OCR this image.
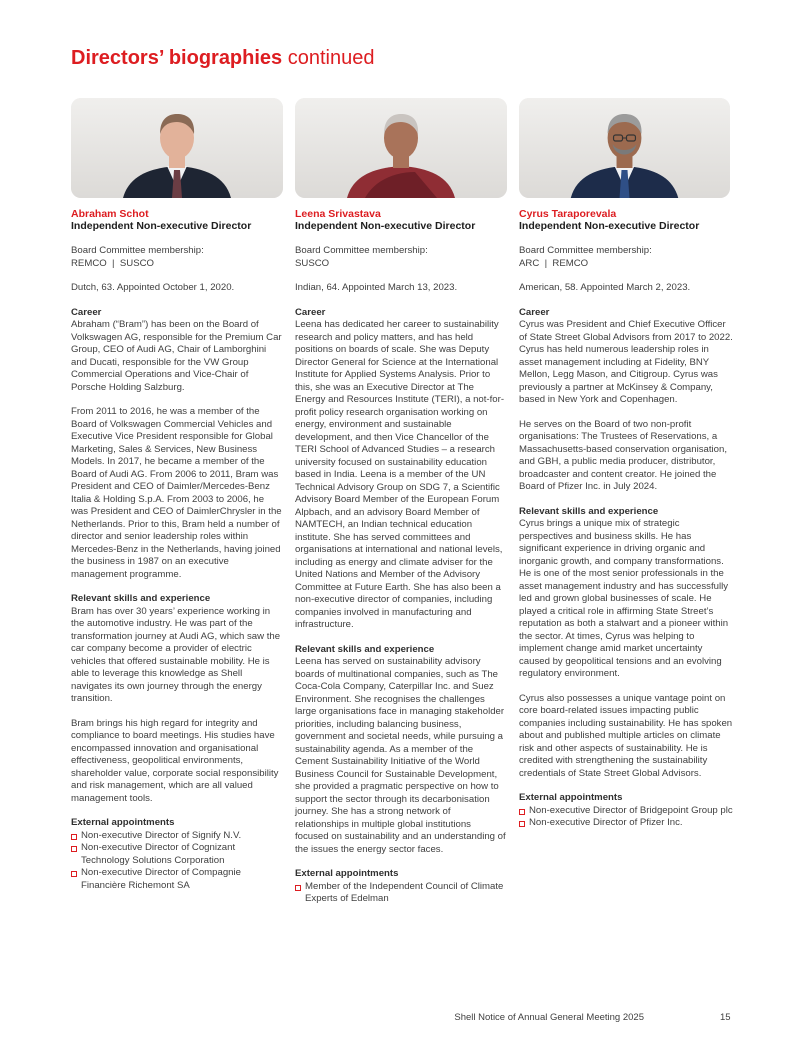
Directors’ biographies continued
Abraham Schot
Independent Non-executive Director
Board Committee membership:
REMCO  |  SUSCO
Dutch, 63. Appointed October 1, 2020.
Career

Abraham (“Bram”) has been on the Board of Volkswagen AG, responsible for the Premium Car Group, CEO of Audi AG, Chair of Lamborghini and Ducati, responsible for the VW Group Commercial Operations and Vice-Chair of Porsche Holding Salzburg.

From 2011 to 2016, he was a member of the Board of Volkswagen Commercial Vehicles and Executive Vice President responsible for Global Marketing, Sales & Services, New Business Models. In 2017, he became a member of the Board of Audi AG. From 2006 to 2011, Bram was President and CEO of Daimler/Mercedes-Benz Italia & Holding S.p.A. From 2003 to 2006, he was President and CEO of DaimlerChrysler in the Netherlands. Prior to this, Bram held a number of director and senior leadership roles within Mercedes-Benz in the Netherlands, having joined the business in 1987 on an executive management programme.

Relevant skills and experience

Bram has over 30 years’ experience working in the automotive industry. He was part of the transformation journey at Audi AG, which saw the car company become a provider of electric vehicles that offered sustainable mobility. He is able to leverage this knowledge as Shell navigates its own journey through the energy transition.

Bram brings his high regard for integrity and compliance to board meetings. His studies have encompassed innovation and organisational effectiveness, geopolitical environments, shareholder value, corporate social responsibility and risk management, which are all valued management tools.

External appointments
Non-executive Director of Signify N.V.
Non-executive Director of Cognizant Technology Solutions Corporation
Non-executive Director of Compagnie Financière Richemont SA
Leena Srivastava
Independent Non-executive Director
Board Committee membership:
SUSCO
Indian, 64. Appointed March 13, 2023.
Career

Leena has dedicated her career to sustainability research and policy matters, and has held positions on boards of scale. She was Deputy Director General for Science at the International Institute for Applied Systems Analysis. Prior to this, she was an Executive Director at The Energy and Resources Institute (TERI), a not-for-profit policy research organisation working on energy, environment and sustainable development, and then Vice Chancellor of the TERI School of Advanced Studies – a research university focused on sustainability education based in India. Leena is a member of the UN Technical Advisory Group on SDG 7, a Scientific Advisory Board Member of the European Forum Alpbach, and an advisory Board Member of NAMTECH, an Indian technical education institute. She has served committees and organisations at international and national levels, including as energy and climate adviser for the United Nations and Member of the Advisory Committee at Future Earth. She has also been a non-executive director of companies, including companies involved in manufacturing and infrastructure.

Relevant skills and experience

Leena has served on sustainability advisory boards of multinational companies, such as The Coca-Cola Company, Caterpillar Inc. and Suez Environment. She recognises the challenges large organisations face in managing stakeholder priorities, including balancing business, government and societal needs, while pursuing a sustainability agenda. As a member of the Cement Sustainability Initiative of the World Business Council for Sustainable Development, she provided a pragmatic perspective on how to support the sector through its decarbonisation journey. She has a strong network of relationships in multiple global institutions focused on sustainability and an understanding of the issues the energy sector faces.

External appointments
Member of the Independent Council of Climate Experts of Edelman
Cyrus Taraporevala
Independent Non-executive Director
Board Committee membership:
ARC  |  REMCO
American, 58. Appointed March 2, 2023.
Career

Cyrus was President and Chief Executive Officer of State Street Global Advisors from 2017 to 2022. Cyrus has held numerous leadership roles in asset management including at Fidelity, BNY Mellon, Legg Mason, and Citigroup. Cyrus was previously a partner at McKinsey & Company, based in New York and Copenhagen.

He serves on the Board of two non-profit organisations: The Trustees of Reservations, a Massachusetts-based conservation organisation, and GBH, a public media producer, distributor, broadcaster and content creator. He joined the Board of Pfizer Inc. in July 2024.

Relevant skills and experience

Cyrus brings a unique mix of strategic perspectives and business skills. He has significant experience in driving organic and inorganic growth, and company transformations. He is one of the most senior professionals in the asset management industry and has successfully led and grown global businesses of scale. He played a critical role in affirming State Street’s reputation as both a stalwart and a pioneer within the sector. At times, Cyrus was helping to implement change amid market uncertainty caused by geopolitical tensions and an evolving regulatory environment.

Cyrus also possesses a unique vantage point on core board-related issues impacting public companies including sustainability. He has spoken about and published multiple articles on climate risk and other aspects of sustainability. He is credited with strengthening the sustainability credentials of State Street Global Advisors.

External appointments
Non-executive Director of Bridgepoint Group plc
Non-executive Director of Pfizer Inc.
Shell Notice of Annual General Meeting 2025	15
